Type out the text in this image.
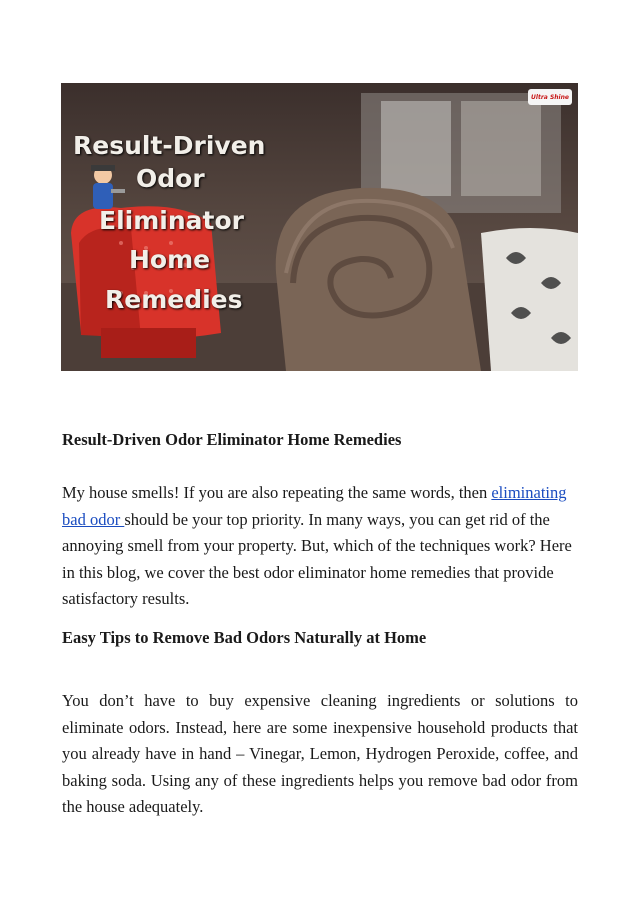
Result-Driven
Odor
Eliminator
Home
Remedies
Ultra Shine
Result-Driven Odor Eliminator Home Remedies

My house smells! If you are also repeating the same words, then eliminating bad odor should be your top priority. In many ways, you can get rid of the annoying smell from your property. But, which of the techniques work? Here in this blog, we cover the best odor eliminator home remedies that provide satisfactory results.

Easy Tips to Remove Bad Odors Naturally at Home

You don’t have to buy expensive cleaning ingredients or solutions to eliminate odors. Instead, here are some inexpensive household products that you already have in hand – Vinegar, Lemon, Hydrogen Peroxide, coffee, and baking soda. Using any of these ingredients helps you remove bad odor from the house adequately.
